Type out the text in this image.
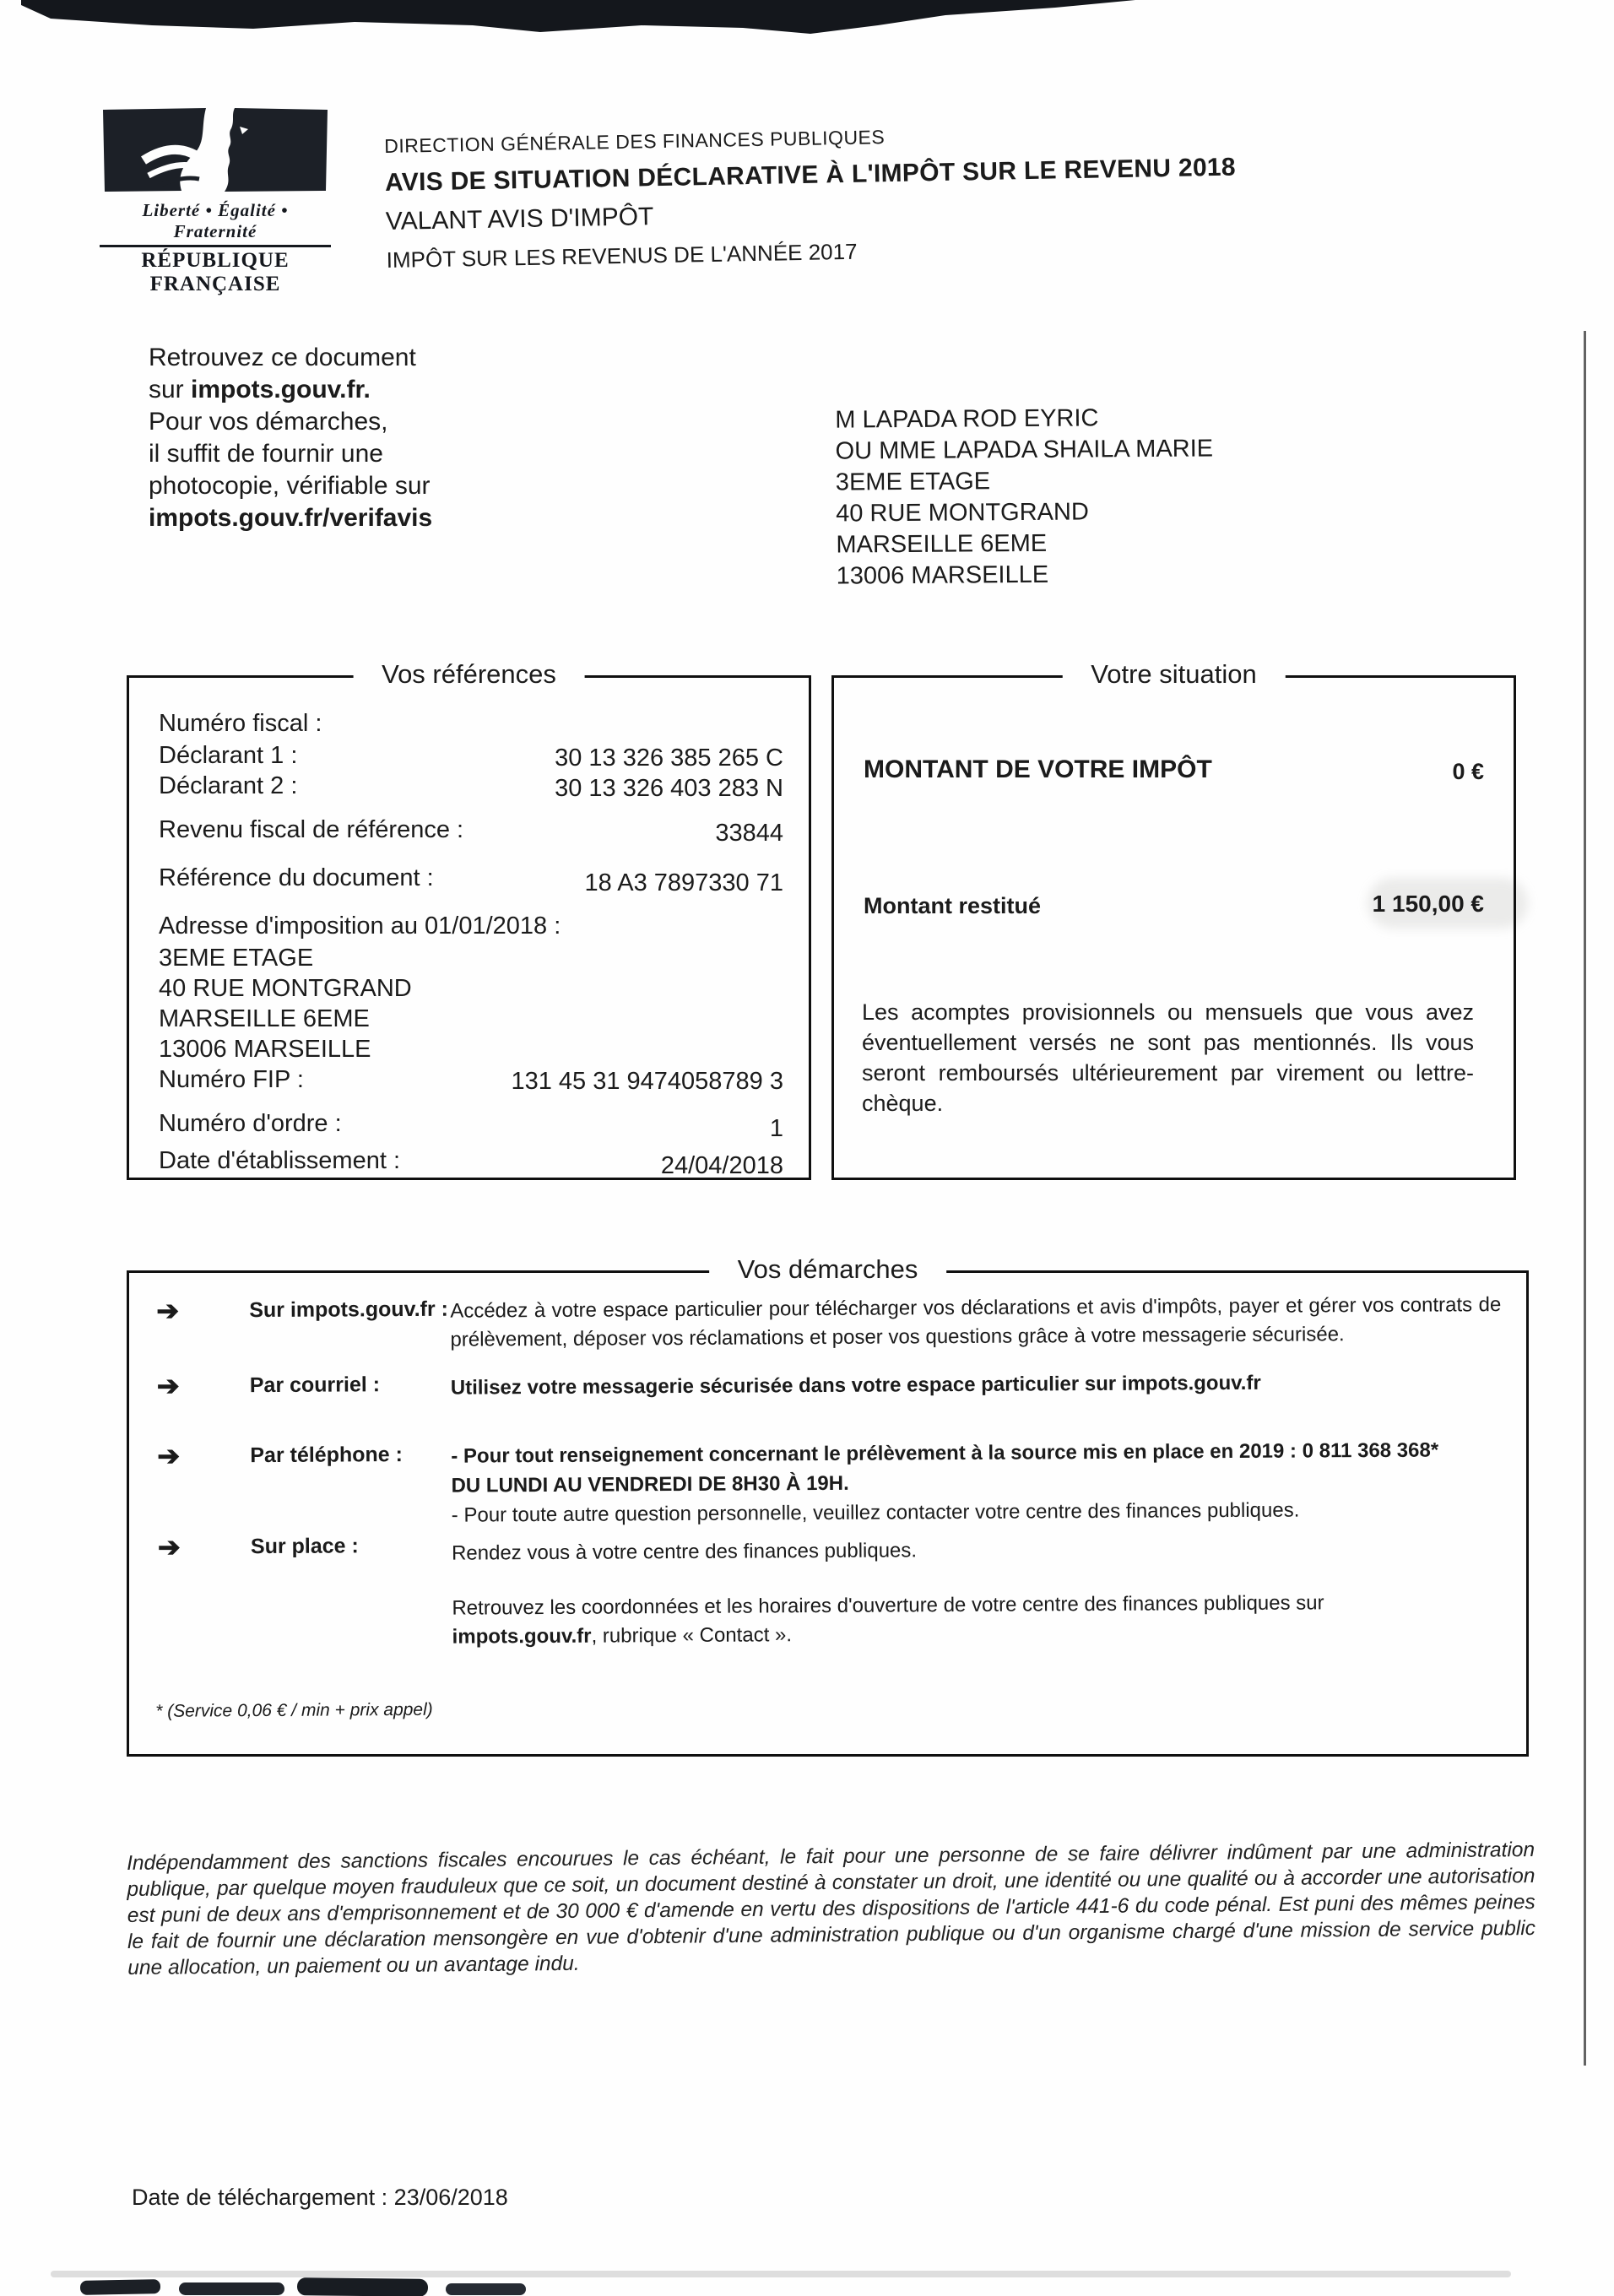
Liberté • Égalité • Fraternité
RÉPUBLIQUE FRANÇAISE
DIRECTION GÉNÉRALE DES FINANCES PUBLIQUES
AVIS DE SITUATION DÉCLARATIVE À L'IMPÔT SUR LE REVENU 2018
VALANT AVIS D'IMPÔT
IMPÔT SUR LES REVENUS DE L'ANNÉE 2017
Retrouvez ce document
sur impots.gouv.fr.
Pour vos démarches,
il suffit de fournir une
photocopie, vérifiable sur
impots.gouv.fr/verifavis
M LAPADA ROD EYRIC
OU MME LAPADA SHAILA MARIE
3EME ETAGE
40 RUE MONTGRAND
MARSEILLE 6EME
13006 MARSEILLE
Vos références
Numéro fiscal :
Déclarant 1 :	30 13 326 385 265 C
Déclarant 2 :	30 13 326 403 283 N
Revenu fiscal de référence :	33844
Référence du document :	18 A3 7897330 71
Adresse d'imposition au 01/01/2018 :
3EME ETAGE
40 RUE MONTGRAND
MARSEILLE 6EME
13006 MARSEILLE
Numéro FIP :	131 45 31 9474058789 3
Numéro d'ordre :	1
Date d'établissement :	24/04/2018
Votre situation
MONTANT DE VOTRE IMPÔT	0 €
Montant restitué	1 150,00 €
Les acomptes provisionnels ou mensuels que vous avez éventuellement versés ne sont pas mentionnés. Ils vous seront remboursés ultérieurement par virement ou lettre-chèque.
Vos démarches
➔	Sur impots.gouv.fr : Accédez à votre espace particulier pour télécharger vos déclarations et avis d'impôts, payer et gérer vos contrats de prélèvement, déposer vos réclamations et poser vos questions grâce à votre messagerie sécurisée.
➔	Par courriel :	Utilisez votre messagerie sécurisée dans votre espace particulier sur impots.gouv.fr
➔	Par téléphone : - Pour tout renseignement concernant le prélèvement à la source mis en place en 2019 : 0 811 368 368*
DU LUNDI AU VENDREDI DE 8H30 À 19H.
- Pour toute autre question personnelle, veuillez contacter votre centre des finances publiques.
➔	Sur place :	Rendez vous à votre centre des finances publiques.
Retrouvez les coordonnées et les horaires d'ouverture de votre centre des finances publiques sur impots.gouv.fr, rubrique « Contact ».
* (Service 0,06 € / min + prix appel)
Indépendamment des sanctions fiscales encourues le cas échéant, le fait pour une personne de se faire délivrer indûment par une administration publique, par quelque moyen frauduleux que ce soit, un document destiné à constater un droit, une identité ou une qualité ou à accorder une autorisation est puni de deux ans d'emprisonnement et de 30 000 € d'amende en vertu des dispositions de l'article 441-6 du code pénal. Est puni des mêmes peines le fait de fournir une déclaration mensongère en vue d'obtenir d'une administration publique ou d'un organisme chargé d'une mission de service public une allocation, un paiement ou un avantage indu.
Date de téléchargement : 23/06/2018
